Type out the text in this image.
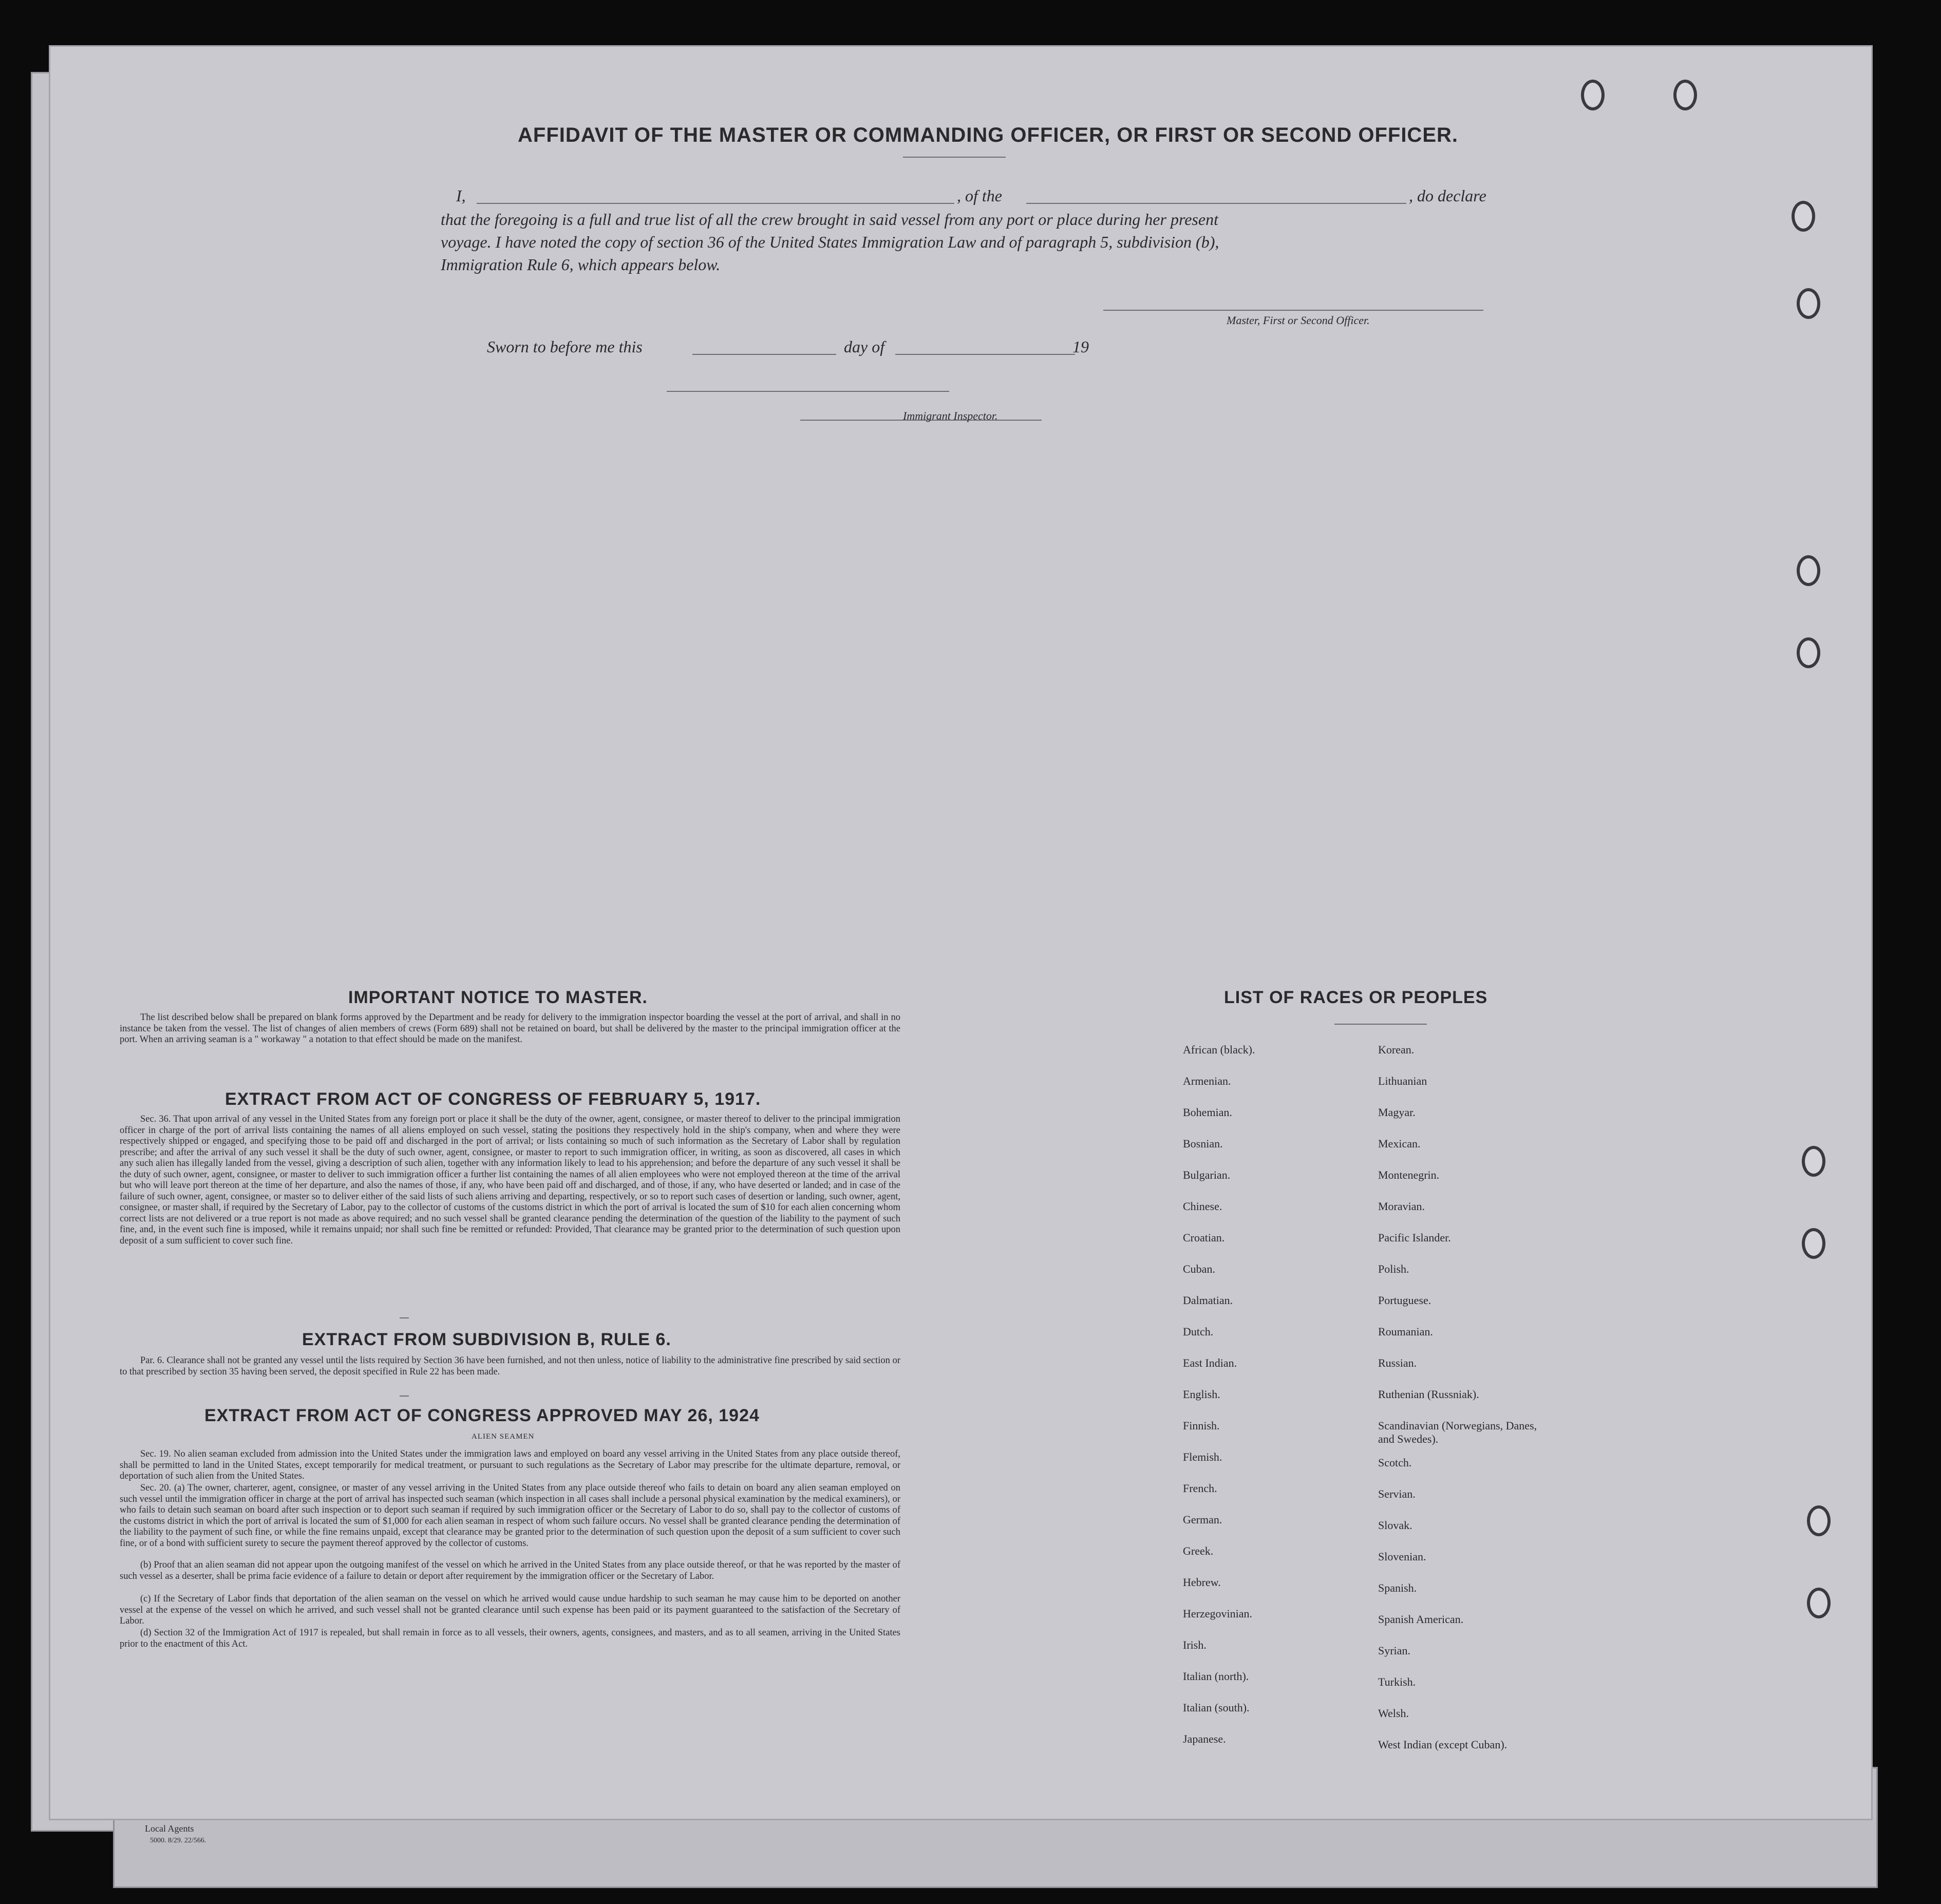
AFFIDAVIT OF THE MASTER OR COMMANDING OFFICER, OR FIRST OR SECOND OFFICER.
I,	, of the	, do declare
that the foregoing is a full and true list of all the crew brought in said vessel from any port or place during her present
voyage. I have noted the copy of section 36 of the United States Immigration Law and of paragraph 5, subdivision (b),
Immigration Rule 6, which appears below.
Master, First or Second Officer.
Sworn to before me this	day of	19
Immigrant Inspector.
IMPORTANT NOTICE TO MASTER.

The list described below shall be prepared on blank forms approved by the Department and be ready for delivery to the immigration inspector boarding the vessel at the port of arrival, and shall in no instance be taken from the vessel. The list of changes of alien members of crews (Form 689) shall not be retained on board, but shall be delivered by the master to the principal immigration officer at the port. When an arriving seaman is a " workaway " a notation to that effect should be made on the manifest.

EXTRACT FROM ACT OF CONGRESS OF FEBRUARY 5, 1917.

Sec. 36. That upon arrival of any vessel in the United States from any foreign port or place it shall be the duty of the owner, agent, consignee, or master thereof to deliver to the principal immigration officer in charge of the port of arrival lists containing the names of all aliens employed on such vessel, stating the positions they respectively hold in the ship's company, when and where they were respectively shipped or engaged, and specifying those to be paid off and discharged in the port of arrival; or lists containing so much of such information as the Secretary of Labor shall by regulation prescribe; and after the arrival of any such vessel it shall be the duty of such owner, agent, consignee, or master to report to such immigration officer, in writing, as soon as discovered, all cases in which any such alien has illegally landed from the vessel, giving a description of such alien, together with any information likely to lead to his apprehension; and before the departure of any such vessel it shall be the duty of such owner, agent, consignee, or master to deliver to such immigration officer a further list containing the names of all alien employees who were not employed thereon at the time of the arrival but who will leave port thereon at the time of her departure, and also the names of those, if any, who have been paid off and discharged, and of those, if any, who have deserted or landed; and in case of the failure of such owner, agent, consignee, or master so to deliver either of the said lists of such aliens arriving and departing, respectively, or so to report such cases of desertion or landing, such owner, agent, consignee, or master shall, if required by the Secretary of Labor, pay to the collector of customs of the customs district in which the port of arrival is located the sum of $10 for each alien concerning whom correct lists are not delivered or a true report is not made as above required; and no such vessel shall be granted clearance pending the determination of the question of the liability to the payment of such fine, and, in the event such fine is imposed, while it remains unpaid; nor shall such fine be remitted or refunded: Provided, That clearance may be granted prior to the determination of such question upon deposit of a sum sufficient to cover such fine.

EXTRACT FROM SUBDIVISION B, RULE 6.

Par. 6. Clearance shall not be granted any vessel until the lists required by Section 36 have been furnished, and not then unless, notice of liability to the administrative fine prescribed by said section or to that prescribed by section 35 having been served, the deposit specified in Rule 22 has been made.

EXTRACT FROM ACT OF CONGRESS APPROVED MAY 26, 1924
ALIEN SEAMEN

Sec. 19. No alien seaman excluded from admission into the United States under the immigration laws and employed on board any vessel arriving in the United States from any place outside thereof, shall be permitted to land in the United States, except temporarily for medical treatment, or pursuant to such regulations as the Secretary of Labor may prescribe for the ultimate departure, removal, or deportation of such alien from the United States.

Sec. 20. (a) The owner, charterer, agent, consignee, or master of any vessel arriving in the United States from any place outside thereof who fails to detain on board any alien seaman employed on such vessel until the immigration officer in charge at the port of arrival has inspected such seaman (which inspection in all cases shall include a personal physical examination by the medical examiners), or who fails to detain such seaman on board after such inspection or to deport such seaman if required by such immigration officer or the Secretary of Labor to do so, shall pay to the collector of customs of the customs district in which the port of arrival is located the sum of $1,000 for each alien seaman in respect of whom such failure occurs. No vessel shall be granted clearance pending the determination of the liability to the payment of such fine, or while the fine remains unpaid, except that clearance may be granted prior to the determination of such question upon the deposit of a sum sufficient to cover such fine, or of a bond with sufficient surety to secure the payment thereof approved by the collector of customs.

(b) Proof that an alien seaman did not appear upon the outgoing manifest of the vessel on which he arrived in the United States from any place outside thereof, or that he was reported by the master of such vessel as a deserter, shall be prima facie evidence of a failure to detain or deport after requirement by the immigration officer or the Secretary of Labor.

(c) If the Secretary of Labor finds that deportation of the alien seaman on the vessel on which he arrived would cause undue hardship to such seaman he may cause him to be deported on another vessel at the expense of the vessel on which he arrived, and such vessel shall not be granted clearance until such expense has been paid or its payment guaranteed to the satisfaction of the Secretary of Labor.

(d) Section 32 of the Immigration Act of 1917 is repealed, but shall remain in force as to all vessels, their owners, agents, consignees, and masters, and as to all seamen, arriving in the United States prior to the enactment of this Act.

LIST OF RACES OR PEOPLES
African (black).
Armenian.
Bohemian.
Bosnian.
Bulgarian.
Chinese.
Croatian.
Cuban.
Dalmatian.
Dutch.
East Indian.
English.
Finnish.
Flemish.
French.
German.
Greek.
Hebrew.
Herzegovinian.
Irish.
Italian (north).
Italian (south).
Japanese.
Korean.
Lithuanian
Magyar.
Mexican.
Montenegrin.
Moravian.
Pacific Islander.
Polish.
Portuguese.
Roumanian.
Russian.
Ruthenian (Russniak).
Scandinavian (Norwegians, Danes, and Swedes).
Scotch.
Servian.
Slovak.
Slovenian.
Spanish.
Spanish American.
Syrian.
Turkish.
Welsh.
West Indian (except Cuban).
Local Agents
5000. 8/29. 22/566.
